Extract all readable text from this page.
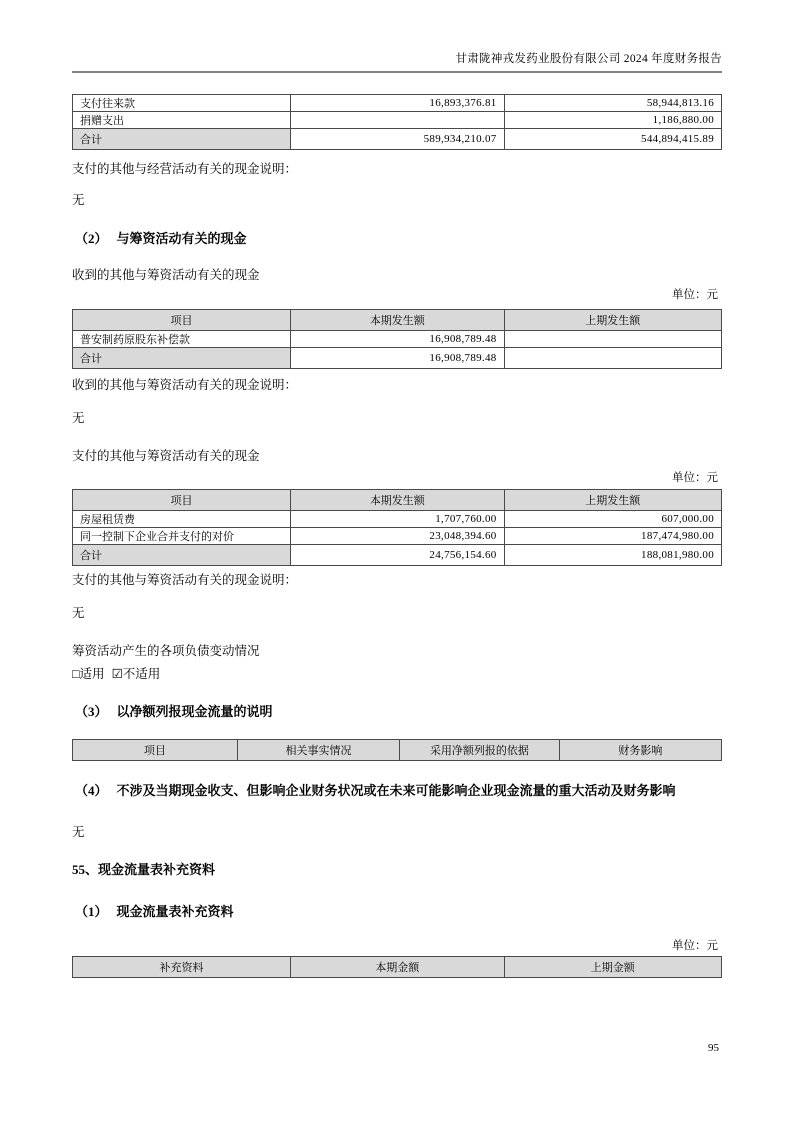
甘肃陇神戎发药业股份有限公司 2024 年度财务报告
支付往来款	16,893,376.81	58,944,813.16
捐赠支出		1,186,880.00
合计	589,934,210.07	544,894,415.89

支付的其他与经营活动有关的现金说明：

无

（2） 与筹资活动有关的现金

收到的其他与筹资活动有关的现金

单位：元

项目	本期发生额	上期发生额
普安制药原股东补偿款	16,908,789.48	
合计	16,908,789.48	

收到的其他与筹资活动有关的现金说明：

无

支付的其他与筹资活动有关的现金

单位：元

项目	本期发生额	上期发生额
房屋租赁费	1,707,760.00	607,000.00
同一控制下企业合并支付的对价	23,048,394.60	187,474,980.00
合计	24,756,154.60	188,081,980.00

支付的其他与筹资活动有关的现金说明：

无

筹资活动产生的各项负债变动情况

□适用 ☑不适用

（3） 以净额列报现金流量的说明

项目	相关事实情况	采用净额列报的依据	财务影响

（4） 不涉及当期现金收支、但影响企业财务状况或在未来可能影响企业现金流量的重大活动及财务影响

无

55、现金流量表补充资料

（1） 现金流量表补充资料

单位：元

补充资料	本期金额	上期金额
95
